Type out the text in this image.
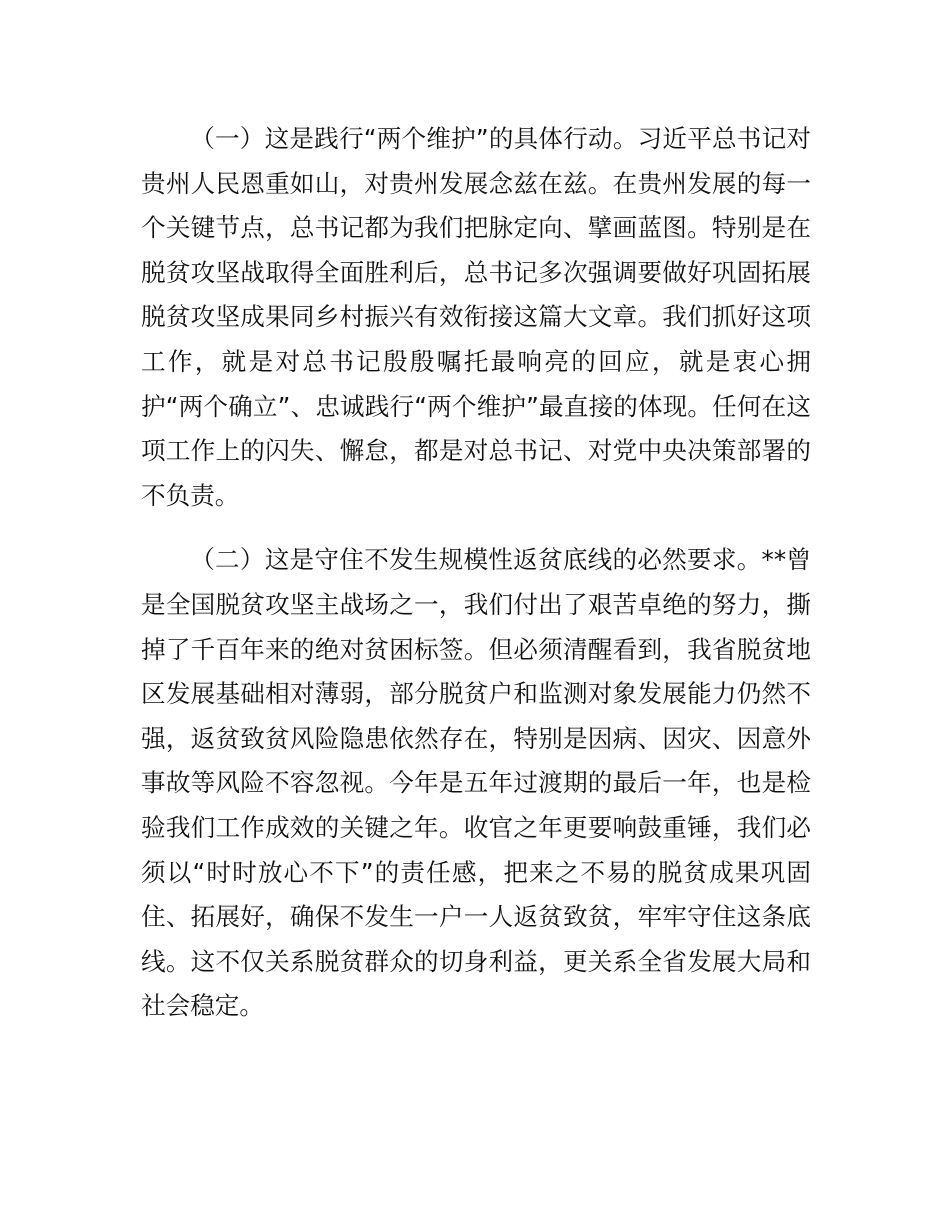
（一）这是践行“两个维护”的具体行动。习近平总书记对贵州人民恩重如山，对贵州发展念兹在兹。在贵州发展的每一个关键节点，总书记都为我们把脉定向、擘画蓝图。特别是在脱贫攻坚战取得全面胜利后，总书记多次强调要做好巩固拓展脱贫攻坚成果同乡村振兴有效衔接这篇大文章。我们抓好这项工作，就是对总书记殷殷嘱托最响亮的回应，就是衷心拥护“两个确立”、忠诚践行“两个维护”最直接的体现。任何在这项工作上的闪失、懈怠，都是对总书记、对党中央决策部署的不负责。

（二）这是守住不发生规模性返贫底线的必然要求。**曾是全国脱贫攻坚主战场之一，我们付出了艰苦卓绝的努力，撕掉了千百年来的绝对贫困标签。但必须清醒看到，我省脱贫地区发展基础相对薄弱，部分脱贫户和监测对象发展能力仍然不强，返贫致贫风险隐患依然存在，特别是因病、因灾、因意外事故等风险不容忽视。今年是五年过渡期的最后一年，也是检验我们工作成效的关键之年。收官之年更要响鼓重锤，我们必须以“时时放心不下”的责任感，把来之不易的脱贫成果巩固住、拓展好，确保不发生一户一人返贫致贫，牢牢守住这条底线。这不仅关系脱贫群众的切身利益，更关系全省发展大局和社会稳定。
